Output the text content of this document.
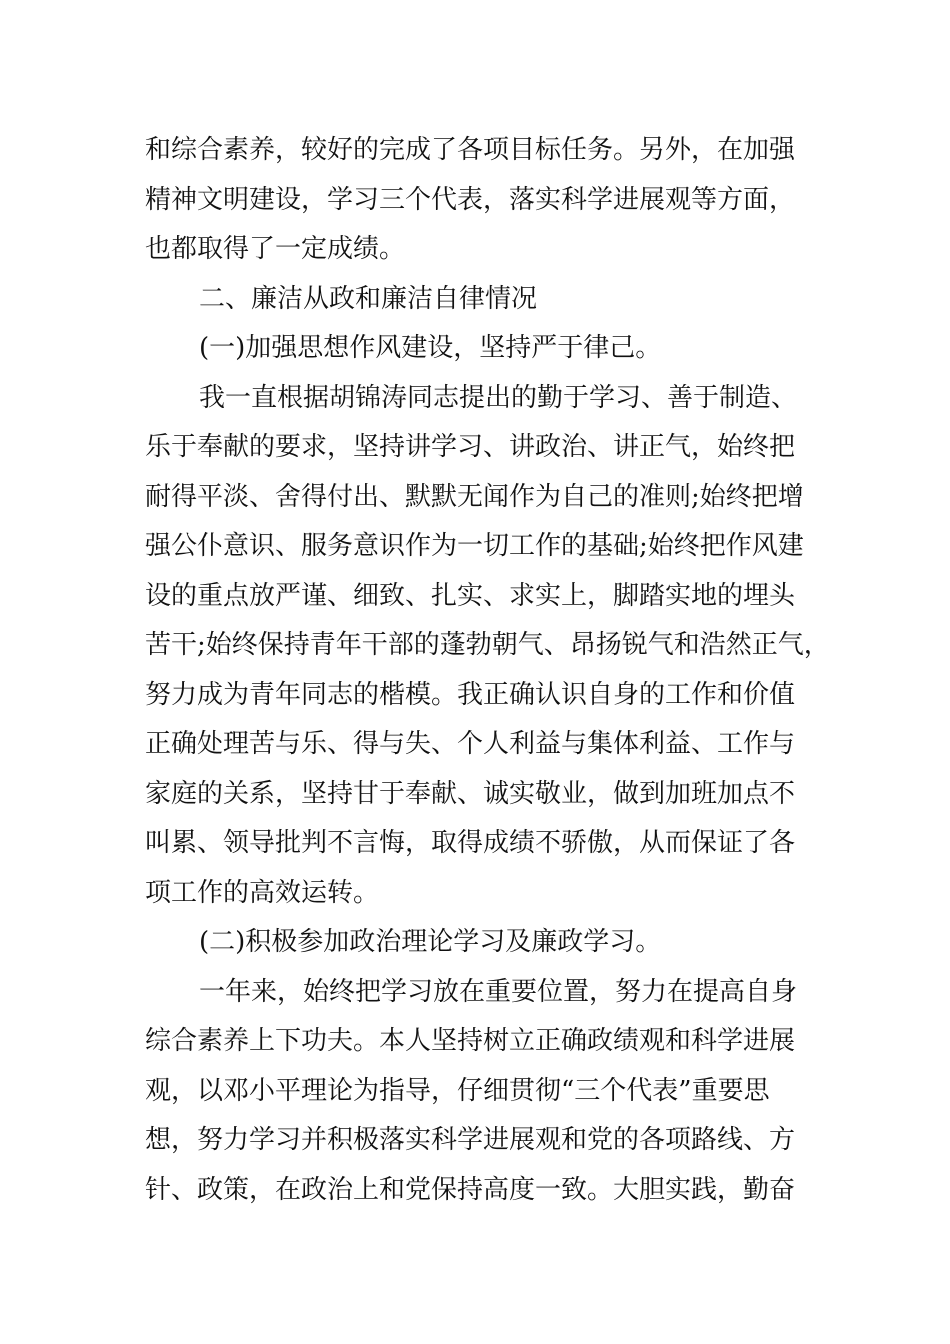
和综合素养，较好的完成了各项目标任务。另外，在加强
精神文明建设，学习三个代表，落实科学进展观等方面，
也都取得了一定成绩。
二、廉洁从政和廉洁自律情况
(一)加强思想作风建设，坚持严于律己。
我一直根据胡锦涛同志提出的勤于学习、善于制造、
乐于奉献的要求，坚持讲学习、讲政治、讲正气，始终把
耐得平淡、舍得付出、默默无闻作为自己的准则;始终把增
强公仆意识、服务意识作为一切工作的基础;始终把作风建
设的重点放严谨、细致、扎实、求实上，脚踏实地的埋头
苦干;始终保持青年干部的蓬勃朝气、昂扬锐气和浩然正气，
努力成为青年同志的楷模。我正确认识自身的工作和价值
正确处理苦与乐、得与失、个人利益与集体利益、工作与
家庭的关系，坚持甘于奉献、诚实敬业，做到加班加点不
叫累、领导批判不言悔，取得成绩不骄傲，从而保证了各
项工作的高效运转。
(二)积极参加政治理论学习及廉政学习。
一年来，始终把学习放在重要位置，努力在提高自身
综合素养上下功夫。本人坚持树立正确政绩观和科学进展
观，以邓小平理论为指导，仔细贯彻“三个代表”重要思
想，努力学习并积极落实科学进展观和党的各项路线、方
针、政策，在政治上和党保持高度一致。大胆实践，勤奋
